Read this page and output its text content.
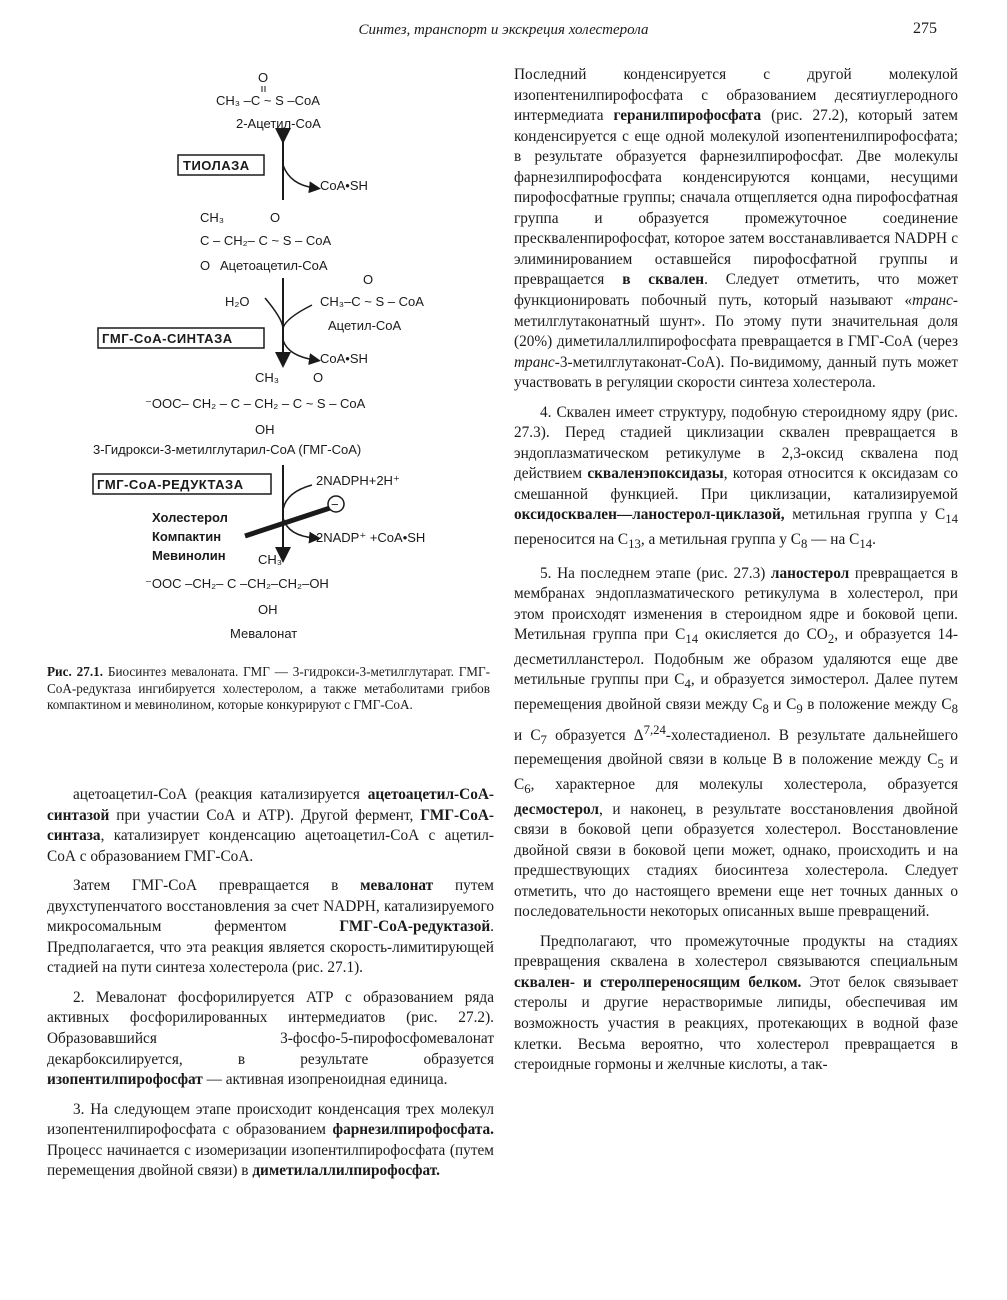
Синтез, транспорт и экскреция холестерола	275
O
CH₃ –C ~ S –CoA
2-Ацетил-CoA
ТИОЛАЗА
CoA•SH
CH₃	O
C – CH₂– C ~ S – CoA
O Ацетоацетил-CoA
H₂O
O
CH₃–C ~ S – CoA
Ацетил-CoA
ГМГ-СoA-СИНТАЗА
CoA•SH
CH₃	O
⁻OOC– CH₂ – C – CH₂ – C ~ S – CoA
OH
3-Гидрокси-3-метилглутарил-CoA (ГМГ-CoA)
ГМГ-СoA-РЕДУКТАЗА	2NADPH+2H⁺
2NADP⁺ +CoA•SH
−
Холестерол
Компактин
Мевинолин CH₃
⁻OOC –CH₂– C –CH₂–CH₂–OH
OH
Мевалонат
Рис. 27.1. Биосинтез мевалоната. ГМГ — 3-гидрокси-3-метилглутарат. ГМГ-СоА-редуктаза ингибируется холестеролом, а также метаболитами грибов компактином и мевинолином, которые конкурируют с ГМГ-СоА.

ацетоацетил-СоА (реакция катализируется ацетоацетил-СоА-синтазой при участии СоА и АТР). Другой фермент, ГМГ-СоА-синтаза, катализирует конденсацию ацетоацетил-СоА с ацетил-СоА с образованием ГМГ-СоА.

Затем ГМГ-СоА превращается в мевалонат путем двухступенчатого восстановления за счет NADPH, катализируемого микросомальным ферментом ГМГ-СоА-редуктазой. Предполагается, что эта реакция является скорость-лимитирующей стадией на пути синтеза холестерола (рис. 27.1).

2. Мевалонат фосфорилируется АТР с образованием ряда активных фосфорилированных интермедиатов (рис. 27.2). Образовавшийся 3-фосфо-5-пирофосфомевалонат декарбоксилируется, в результате образуется изопентилпирофосфат — активная изопреноидная единица.

3. На следующем этапе происходит конденсация трех молекул изопентенилпирофосфата с образованием фарнезилпирофосфата. Процесс начинается с изомеризации изопентилпирофосфата (путем перемещения двойной связи) в диметилаллилпирофосфат.

Последний конденсируется с другой молекулой изопентенилпирофосфата с образованием десятиуглеродного интермедиата геранилпирофосфата (рис. 27.2), который затем конденсируется с еще одной молекулой изопентенилпирофосфата; в результате образуется фарнезилпирофосфат. Две молекулы фарнезилпирофосфата конденсируются концами, несущими пирофосфатные группы; сначала отщепляется одна пирофосфатная группа и образуется промежуточное соединение пресквaленпирофосфат, которое затем восстанавливается NADPH с элиминированием оставшейся пирофосфатной группы и превращается в сквален. Следует отметить, что может функционировать побочный путь, который называют «транс-метилглутаконатный шунт». По этому пути значительная доля (20%) диметилаллилпирофосфата превращается в ГМГ-СоА (через транс-3-метилглутаконат-СоА). По-видимому, данный путь может участвовать в регуляции скорости синтеза холестерола.

4. Сквален имеет структуру, подобную стероидному ядру (рис. 27.3). Перед стадией циклизации сквален превращается в эндоплазматическом ретикулуме в 2,3-оксид сквалена под действием скваленэпоксидазы, которая относится к оксидазам со смешанной функцией. При циклизации, катализируемой оксидосквален—ланостерол-циклазой, метильная группа у $C_{14}$ переносится на $C_{13}$, а метильная группа у $C_8$ — на $C_{14}$.

5. На последнем этапе (рис. 27.3) ланостерол превращается в мембранах эндоплазматического ретикулума в холестерол, при этом происходят изменения в стероидном ядре и боковой цепи. Метильная группа при $C_{14}$ окисляется до $CO_2$, и образуется 14-десметилланстерол. Подобным же образом удаляются еще две метильные группы при $C_4$, и образуется зимостерол. Далее путем перемещения двойной связи между $C_8$ и $C_9$ в положение между $C_8$ и $C_7$ образуется Δ$^{7,24}$-холестадиенол. В результате дальнейшего перемещения двойной связи в кольце B в положение между $C_5$ и $C_6$, характерное для молекулы холестерола, образуется десмостерол, и наконец, в результате восстановления двойной связи в боковой цепи образуется холестерол. Восстановление двойной связи в боковой цепи может, однако, происходить и на предшествующих стадиях биосинтеза холестерола. Следует отметить, что до настоящего времени еще нет точных данных о последовательности некоторых описанных выше превращений.

Предполагают, что промежуточные продукты на стадиях превращения сквалена в холестерол связываются специальным сквален- и стеролпереносящим белком. Этот белок связывает стеролы и другие нерастворимые липиды, обеспечивая им возможность участия в реакциях, протекающих в водной фазе клетки. Весьма вероятно, что холестерол превращается в стероидные гормоны и желчные кислоты, а так-
